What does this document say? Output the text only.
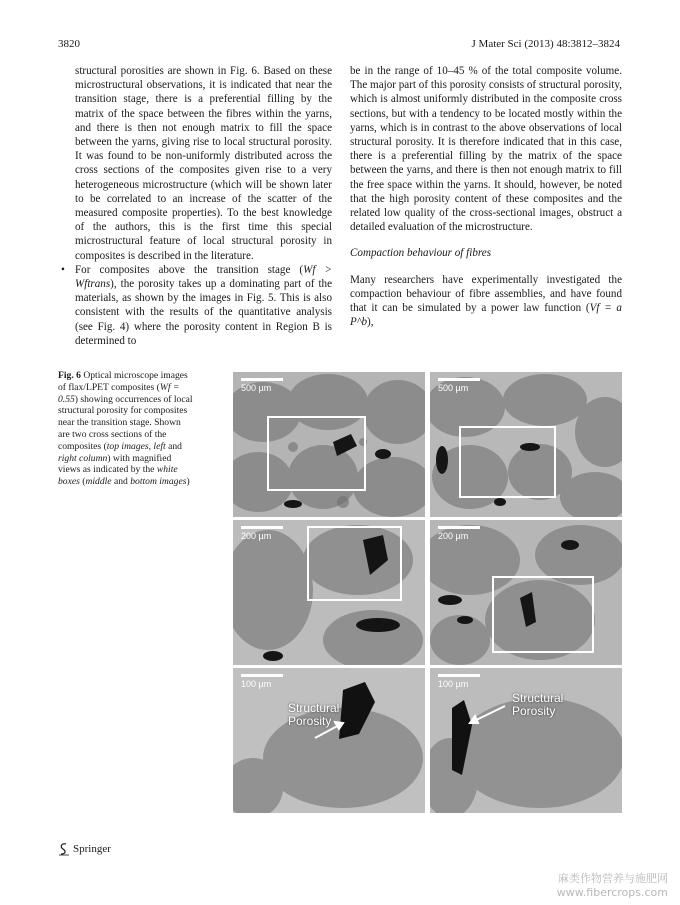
3820	J Mater Sci (2013) 48:3812–3824

structural porosities are shown in Fig. 6. Based on these microstructural observations, it is indicated that near the transition stage, there is a preferential filling by the matrix of the space between the fibres within the yarns, and there is then not enough matrix to fill the space between the yarns, giving rise to local structural porosity. It was found to be non-uniformly distributed across the cross sections of the composites given rise to a very heterogeneous microstructure (which will be shown later to be correlated to an increase of the scatter of the measured composite properties). To the best knowledge of the authors, this is the first time this special microstructural feature of local structural porosity in composites is described in the literature.

• For composites above the transition stage (Wf > Wftrans), the porosity takes up a dominating part of the materials, as shown by the images in Fig. 5. This is also consistent with the results of the quantitative analysis (see Fig. 4) where the porosity content in Region B is determined to

be in the range of 10–45 % of the total composite volume. The major part of this porosity consists of structural porosity, which is almost uniformly distributed in the composite cross sections, but with a tendency to be located mostly within the yarns, which is in contrast to the above observations of local structural porosity. It is therefore indicated that in this case, there is a preferential filling by the matrix of the space between the yarns, and there is then not enough matrix to fill the free space within the yarns. It should, however, be noted that the high porosity content of these composites and the related low quality of the cross-sectional images, obstruct a detailed evaluation of the microstructure.

Compaction behaviour of fibres

Many researchers have experimentally investigated the compaction behaviour of fibre assemblies, and have found that it can be simulated by a power law function (Vf = a P^b),

Fig. 6 Optical microscope images of flax/LPET composites (Wf = 0.55) showing occurrences of local structural porosity for composites near the transition stage. Shown are two cross sections of the composites (top images, left and right column) with magnified views as indicated by the white boxes (middle and bottom images)
500 µm	500 µm
200 µm	200 µm
100 µm
Structural
Porosity
100 µm
Structural
Porosity
Springer
麻类作物营养与施肥网
www.fibercrops.com
